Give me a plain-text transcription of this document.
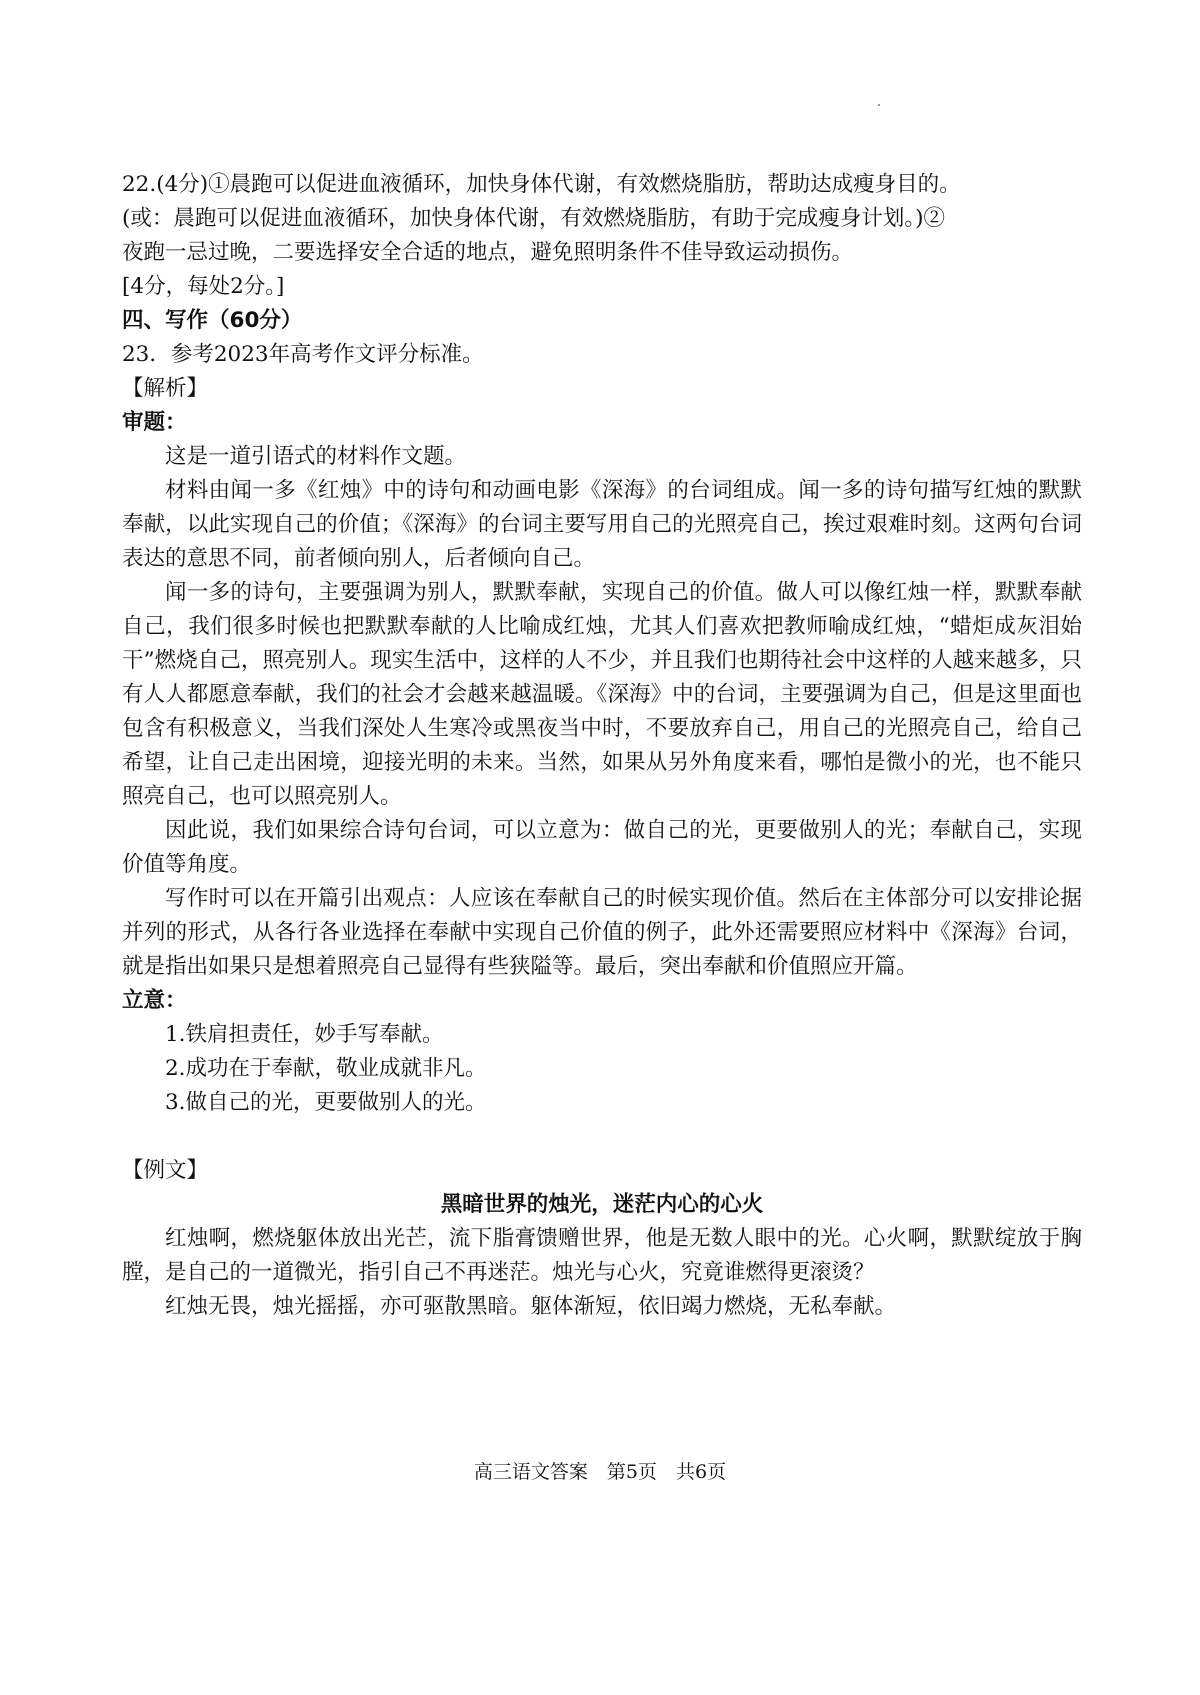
22.(4分)①晨跑可以促进血液循环，加快身体代谢，有效燃烧脂肪，帮助达成瘦身目的。

(或：晨跑可以促进血液循环，加快身体代谢，有效燃烧脂肪，有助于完成瘦身计划。)②

夜跑一忌过晚，二要选择安全合适的地点，避免照明条件不佳导致运动损伤。

[4分，每处2分。]

四、写作（60分）

23．参考2023年高考作文评分标准。

【解析】

审题：

这是一道引语式的材料作文题。

材料由闻一多《红烛》中的诗句和动画电影《深海》的台词组成。闻一多的诗句描写红烛的默默奉献，以此实现自己的价值；《深海》的台词主要写用自己的光照亮自己，挨过艰难时刻。这两句台词表达的意思不同，前者倾向别人，后者倾向自己。

闻一多的诗句，主要强调为别人，默默奉献，实现自己的价值。做人可以像红烛一样，默默奉献自己，我们很多时候也把默默奉献的人比喻成红烛，尤其人们喜欢把教师喻成红烛，“蜡炬成灰泪始干”燃烧自己，照亮别人。现实生活中，这样的人不少，并且我们也期待社会中这样的人越来越多，只有人人都愿意奉献，我们的社会才会越来越温暖。《深海》中的台词，主要强调为自己，但是这里面也包含有积极意义，当我们深处人生寒冷或黑夜当中时，不要放弃自己，用自己的光照亮自己，给自己希望，让自己走出困境，迎接光明的未来。当然，如果从另外角度来看，哪怕是微小的光，也不能只照亮自己，也可以照亮别人。

因此说，我们如果综合诗句台词，可以立意为：做自己的光，更要做别人的光；奉献自己，实现价值等角度。

写作时可以在开篇引出观点：人应该在奉献自己的时候实现价值。然后在主体部分可以安排论据并列的形式，从各行各业选择在奉献中实现自己价值的例子，此外还需要照应材料中《深海》台词，就是指出如果只是想着照亮自己显得有些狭隘等。最后，突出奉献和价值照应开篇。

立意：

1.铁肩担责任，妙手写奉献。

2.成功在于奉献，敬业成就非凡。

3.做自己的光，更要做别人的光。

【例文】

黑暗世界的烛光，迷茫内心的心火

红烛啊，燃烧躯体放出光芒，流下脂膏馈赠世界，他是无数人眼中的光。心火啊，默默绽放于胸膛，是自己的一道微光，指引自己不再迷茫。烛光与心火，究竟谁燃得更滚烫？

红烛无畏，烛光摇摇，亦可驱散黑暗。躯体渐短，依旧竭力燃烧，无私奉献。

高三语文答案　第5页　共6页
